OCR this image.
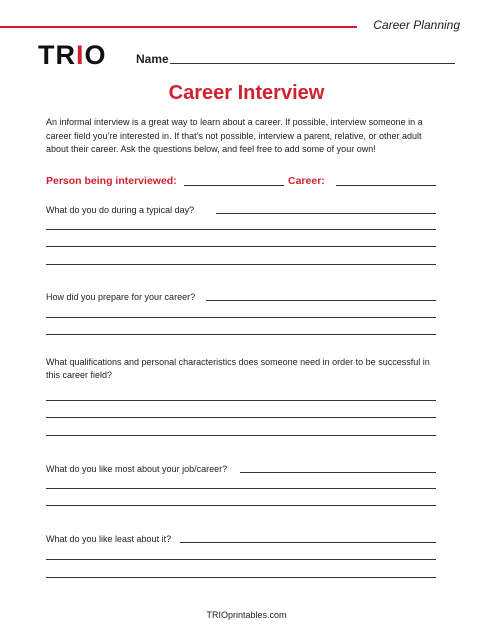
Career Planning
TRIO Name
Career Interview
An informal interview is a great way to learn about a career. If possible, interview someone in a career field you’re interested in. If that’s not possible, interview a parent, relative, or other adult about their career. Ask the questions below, and feel free to add some of your own!
Person being interviewed:	Career:
What do you do during a typical day?
How did you prepare for your career?
What qualifications and personal characteristics does someone need in order to be successful in this career field?
What do you like most about your job/career?
What do you like least about it?
TRIOprintables.com
